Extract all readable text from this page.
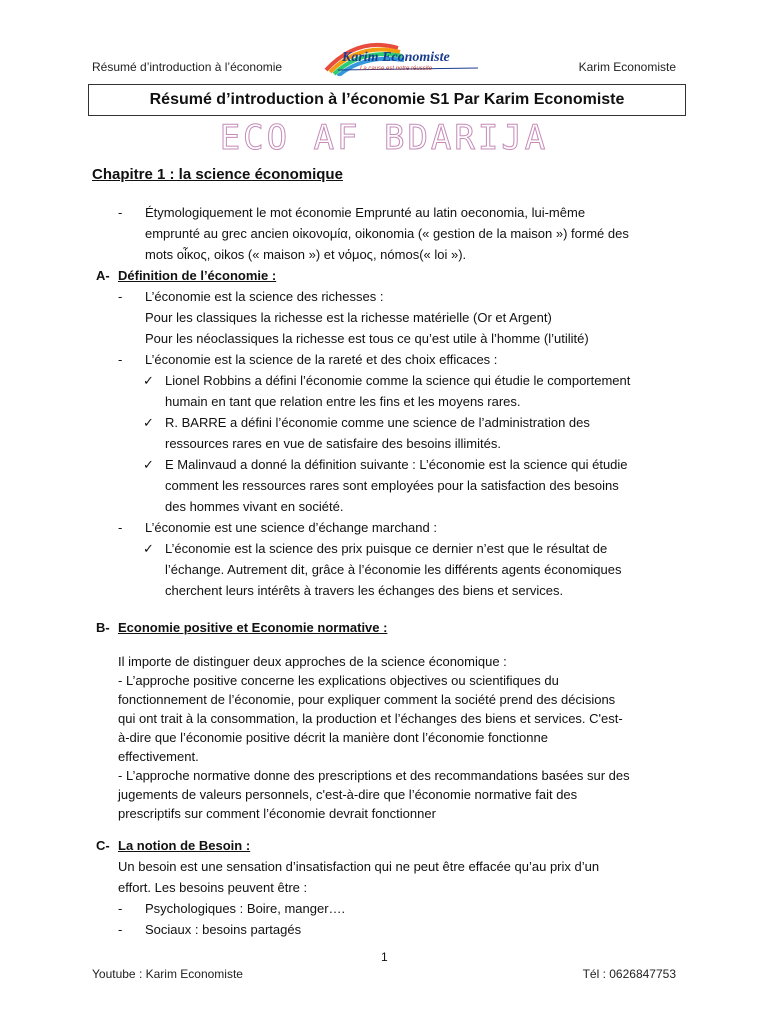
Résumé d’introduction à l’économie
Karim Economiste
La cause est notre réussite	Karim Economiste
Résumé d’introduction à l’économie S1 Par Karim Economiste
ECO AF BDARIJA
Chapitre 1 : la science économique
- Étymologiquement le mot économie Emprunté au latin oeconomia, lui-même
emprunté au grec ancien οἰκονομία, oikonomia (« gestion de la maison ») formé des
mots οἶκος, oikos (« maison ») et νόμος, nómos(« loi »).
A- Définition de l’économie :
- L’économie est la science des richesses :
Pour les classiques la richesse est la richesse matérielle (Or et Argent)
Pour les néoclassiques la richesse est tous ce qu’est utile à l’homme (l’utilité)
- L’économie est la science de la rareté et des choix efficaces :
✓ Lionel Robbins a défini l’économie comme la science qui étudie le comportement
humain en tant que relation entre les fins et les moyens rares.
✓ R. BARRE a défini l’économie comme une science de l’administration des
ressources rares en vue de satisfaire des besoins illimités.
✓ E Malinvaud a donné la définition suivante : L’économie est la science qui étudie
comment les ressources rares sont employées pour la satisfaction des besoins
des hommes vivant en société.
- L’économie est une science d’échange marchand :
✓ L’économie est la science des prix puisque ce dernier n’est que le résultat de
l’échange. Autrement dit, grâce à l’économie les différents agents économiques
cherchent leurs intérêts à travers les échanges des biens et services.
B- Economie positive et Economie normative :
Il importe de distinguer deux approches de la science économique :
- L’approche positive concerne les explications objectives ou scientifiques du
fonctionnement de l’économie, pour expliquer comment la société prend des décisions
qui ont trait à la consommation, la production et l’échanges des biens et services. C'est-
à-dire que l’économie positive décrit la manière dont l’économie fonctionne
effectivement.
- L’approche normative donne des prescriptions et des recommandations basées sur des
jugements de valeurs personnels, c'est-à-dire que l’économie normative fait des
prescriptifs sur comment l’économie devrait fonctionner
C- La notion de Besoin :
Un besoin est une sensation d’insatisfaction qui ne peut être effacée qu’au prix d’un
effort. Les besoins peuvent être :
- Psychologiques : Boire, manger….
- Sociaux : besoins partagés
1
Youtube : Karim Economiste	Tél : 0626847753
